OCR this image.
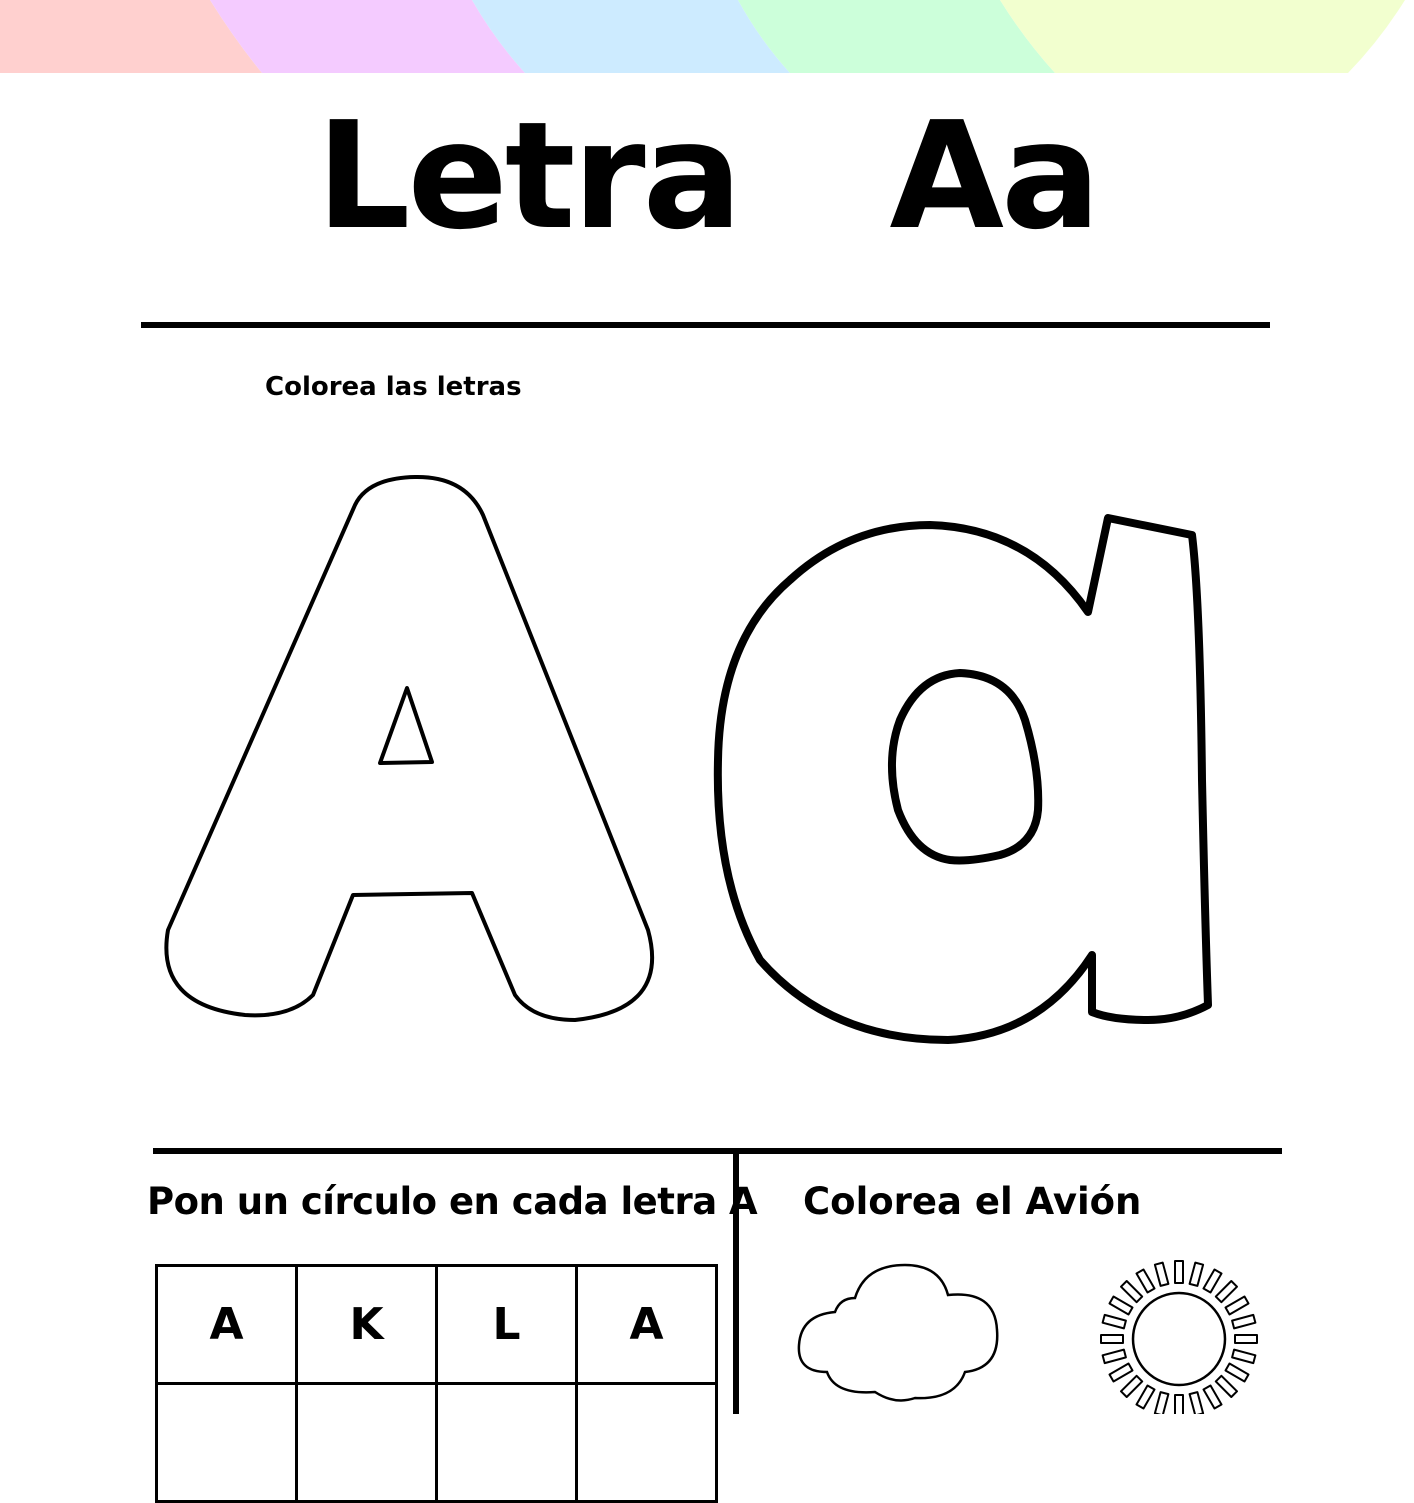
Letra Aa
Colorea las letras
Pon un círculo en cada letra A Colorea el Avión
A	K	L	A
